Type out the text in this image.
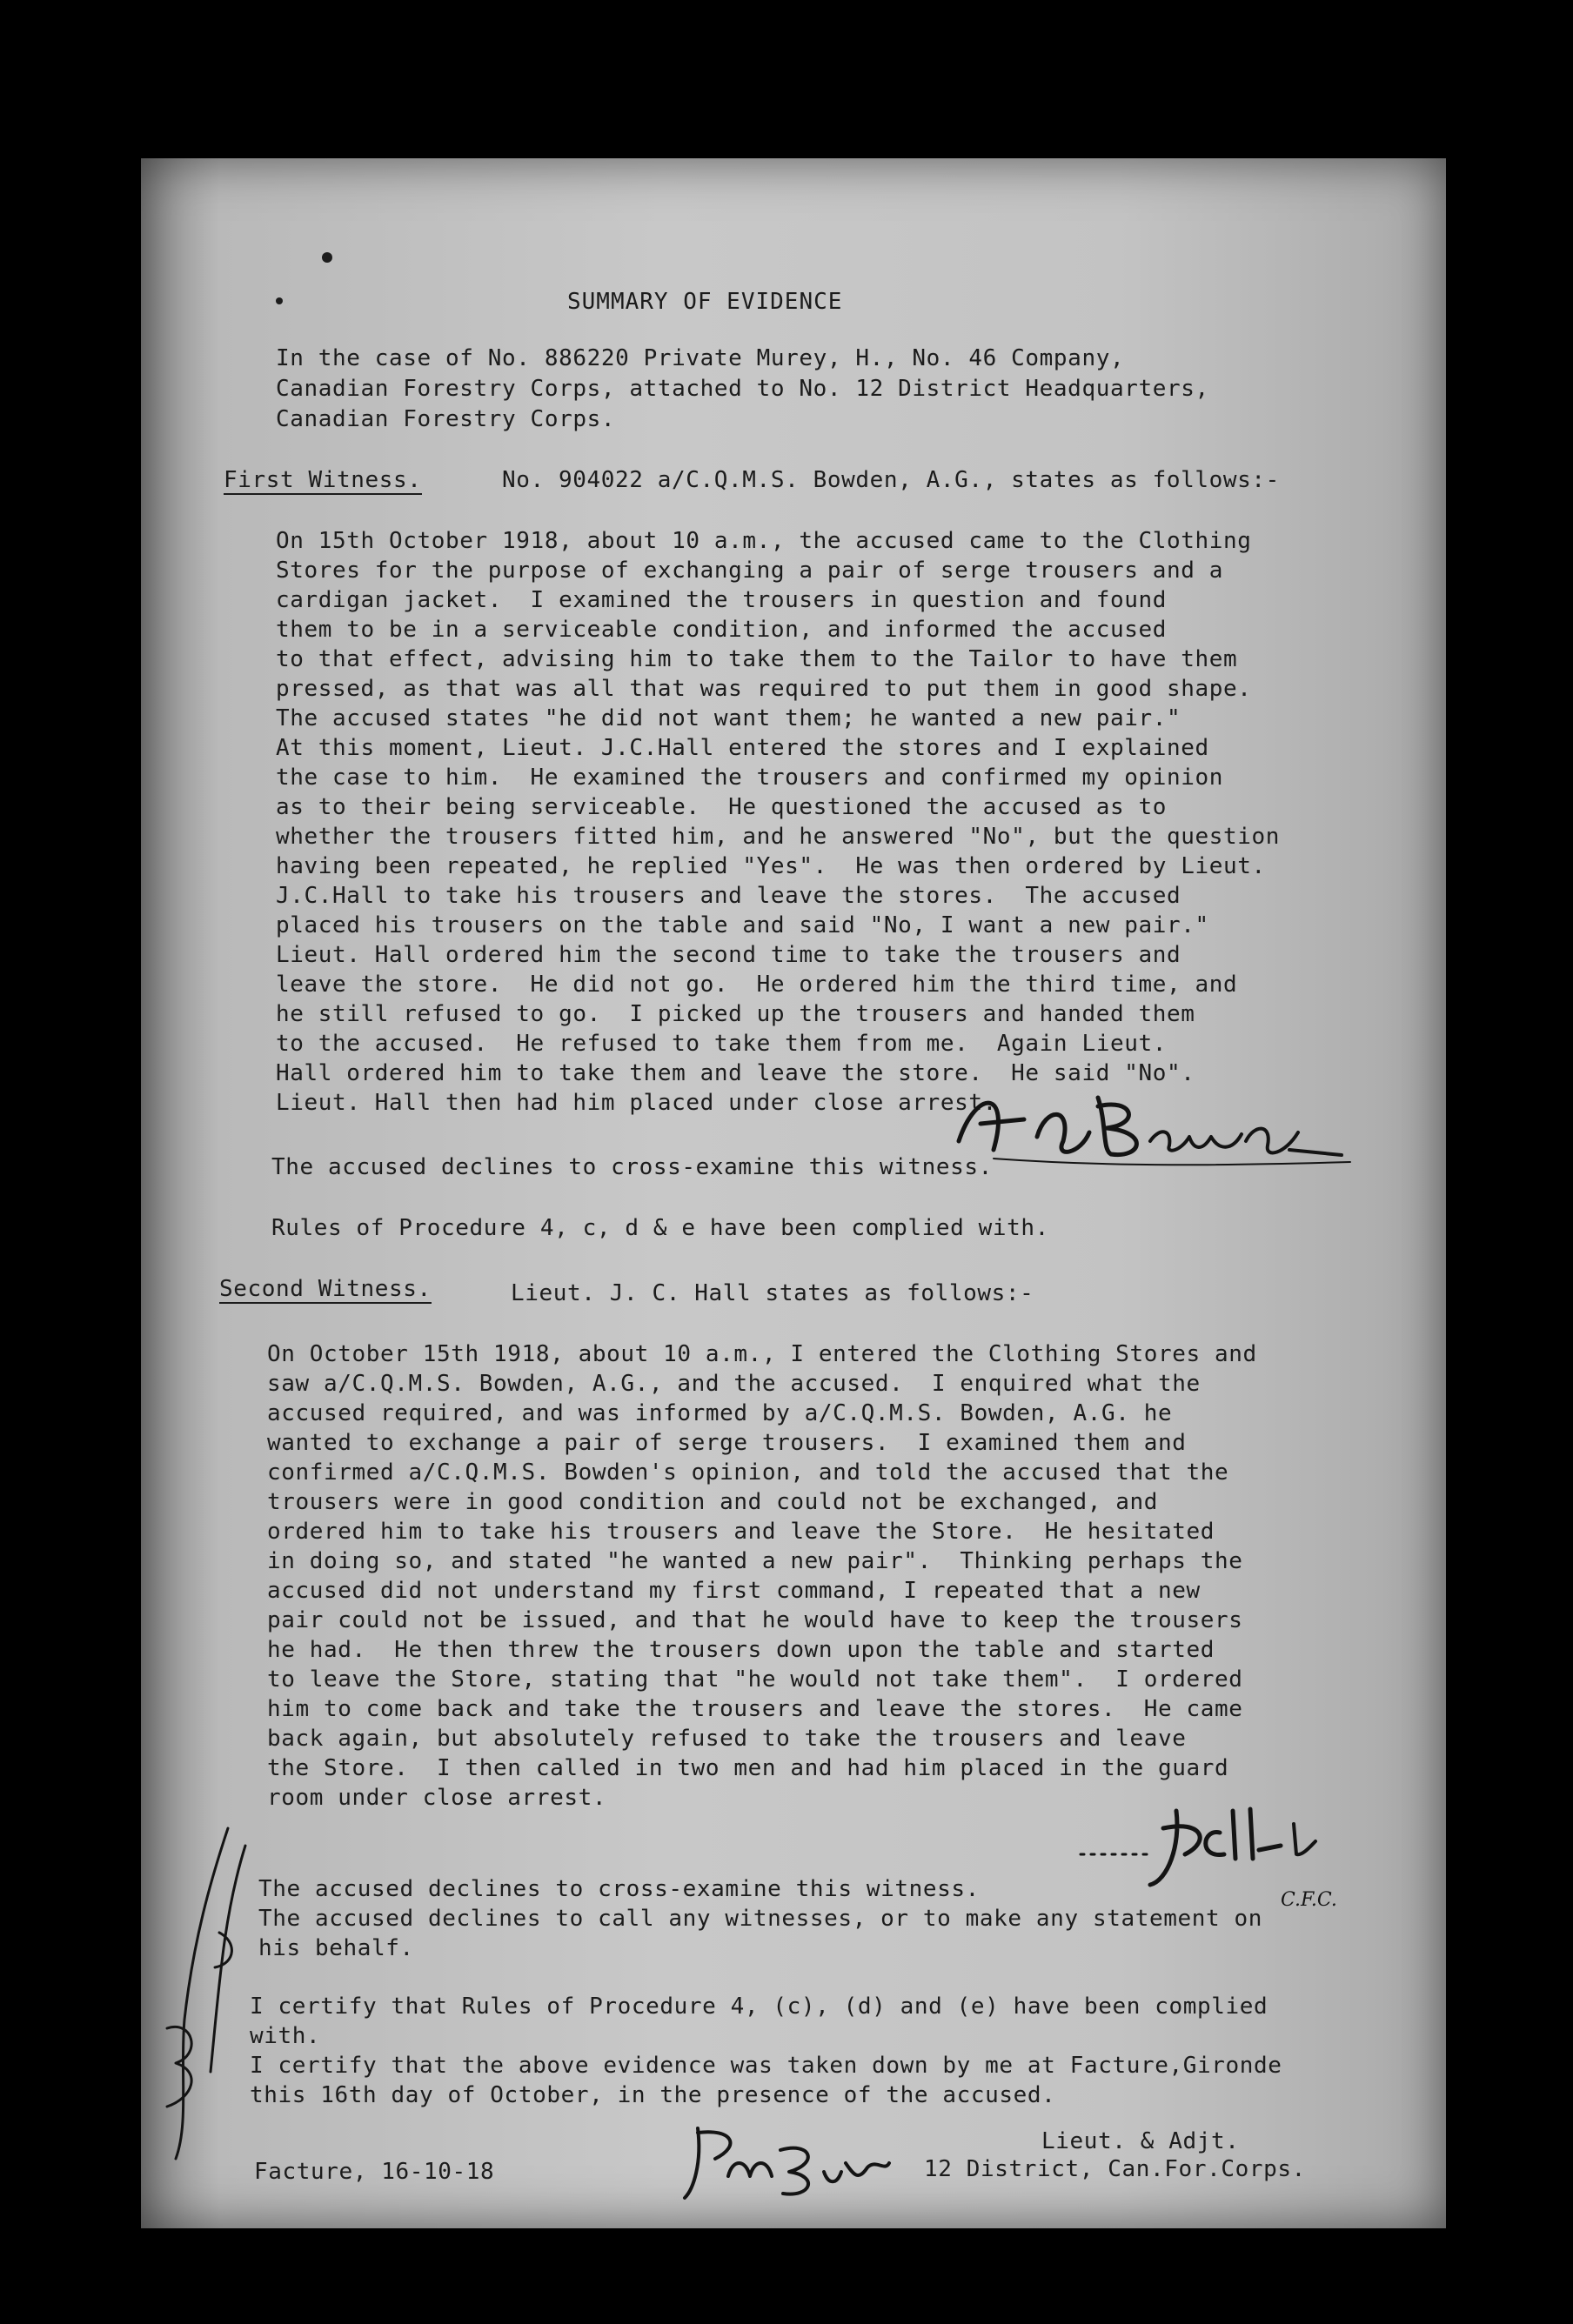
SUMMARY OF EVIDENCE
In the case of No. 886220 Private Murey, H., No. 46 Company,
Canadian Forestry Corps, attached to No. 12 District Headquarters,
Canadian Forestry Corps.
First Witness.	No. 904022 a/C.Q.M.S. Bowden, A.G., states as follows:-
On 15th October 1918, about 10 a.m., the accused came to the Clothing
Stores for the purpose of exchanging a pair of serge trousers and a
cardigan jacket.  I examined the trousers in question and found
them to be in a serviceable condition, and informed the accused
to that effect, advising him to take them to the Tailor to have them
pressed, as that was all that was required to put them in good shape.
The accused states "he did not want them; he wanted a new pair."
At this moment, Lieut. J.C.Hall entered the stores and I explained
the case to him.  He examined the trousers and confirmed my opinion
as to their being serviceable.  He questioned the accused as to
whether the trousers fitted him, and he answered "No", but the question
having been repeated, he replied "Yes".  He was then ordered by Lieut.
J.C.Hall to take his trousers and leave the stores.  The accused
placed his trousers on the table and said "No, I want a new pair."
Lieut. Hall ordered him the second time to take the trousers and
leave the store.  He did not go.  He ordered him the third time, and
he still refused to go.  I picked up the trousers and handed them
to the accused.  He refused to take them from me.  Again Lieut.
Hall ordered him to take them and leave the store.  He said "No".
Lieut. Hall then had him placed under close arrest.
The accused declines to cross-examine this witness.
Rules of Procedure 4, c, d & e have been complied with.
Second Witness.	Lieut. J. C. Hall states as follows:-
On October 15th 1918, about 10 a.m., I entered the Clothing Stores and
saw a/C.Q.M.S. Bowden, A.G., and the accused.  I enquired what the
accused required, and was informed by a/C.Q.M.S. Bowden, A.G. he
wanted to exchange a pair of serge trousers.  I examined them and
confirmed a/C.Q.M.S. Bowden's opinion, and told the accused that the
trousers were in good condition and could not be exchanged, and
ordered him to take his trousers and leave the Store.  He hesitated
in doing so, and stated "he wanted a new pair".  Thinking perhaps the
accused did not understand my first command, I repeated that a new
pair could not be issued, and that he would have to keep the trousers
he had.  He then threw the trousers down upon the table and started
to leave the Store, stating that "he would not take them".  I ordered
him to come back and take the trousers and leave the stores.  He came
back again, but absolutely refused to take the trousers and leave
the Store.  I then called in two men and had him placed in the guard
room under close arrest.
C.F.C.
The accused declines to cross-examine this witness.
The accused declines to call any witnesses, or to make any statement on
his behalf.
I certify that Rules of Procedure 4, (c), (d) and (e) have been complied
with.
I certify that the above evidence was taken down by me at Facture,Gironde
this 16th day of October, in the presence of the accused.
Facture, 16-10-18
Lieut. & Adjt.
12 District, Can.For.Corps.
